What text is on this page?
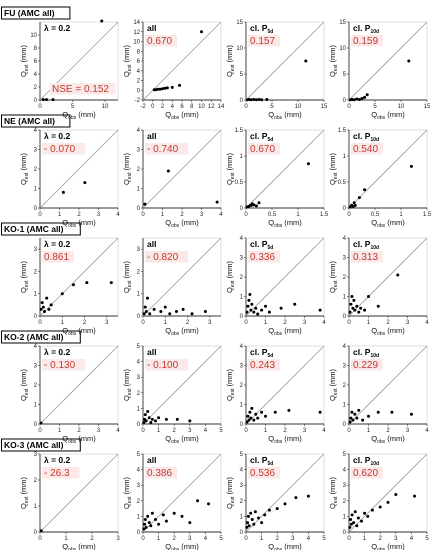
FU (AMC all)
0	5	10
0
2
4
6
8
10
$Q_{obs}$ (mm)
$Q_{est}$ (mm)
λ = 0.2
NSE = 0.152
-2 0 2 4 6 8 10 12 14
-2
0
2
4
6
8
10
12
14
$Q_{obs}$ (mm)
$Q_{est}$ (mm)
all
0.670
0	5	10	15
0
5
10
15
$Q_{obs}$ (mm)
$Q_{est}$ (mm)
cl. $P_{5d}$
0.157
0	5	10	15
0
5
10
15
$Q_{obs}$ (mm)
$Q_{est}$ (mm)
cl. $P_{10d}$
0.159
NE (AMC all)
0	1	2	3	4
0
1
2
3
4
$Q_{obs}$ (mm)
$Q_{est}$ (mm)
λ = 0.2
- 0.070
0	1	2	3	4
0
1
2
3
4
$Q_{obs}$ (mm)
$Q_{est}$ (mm)
all
- 0.740
0	0.5	1	1.5
0
0.5
1
1.5
$Q_{obs}$ (mm)
$Q_{est}$ (mm)
cl. $P_{5d}$
0.670
0	0.5	1	1.5
0
0.5
1
1.5
$Q_{obs}$ (mm)
$Q_{est}$ (mm)
cl. $P_{10d}$
0.540
KO-1 (AMC all)
0	1	2	3
0
1
2
3
$Q_{obs}$ (mm)
$Q_{est}$ (mm)
λ = 0.2
0.861
0	1	2	3
0
1
2
3
$Q_{obs}$ (mm)
$Q_{est}$ (mm)
all
- 0.820
0	1	2	3	4
0
1
2
3
4
$Q_{obs}$ (mm)
$Q_{est}$ (mm)
cl. $P_{5d}$
0.336
0	1	2	3	4
0
1
2
3
4
$Q_{obs}$ (mm)
$Q_{est}$ (mm)
cl. $P_{10d}$
0.313
KO-2 (AMC all)
0	1	2	3	4
0
1
2
3
4
$Q_{obs}$ (mm)
$Q_{est}$ (mm)
λ = 0.2
- 0.130
0 1 2 3 4 5
0
1
2
3
4
5
$Q_{obs}$ (mm)
$Q_{est}$ (mm)
all
- 0.100
0	1	2	3	4
0
1
2
3
4
$Q_{obs}$ (mm)
$Q_{est}$ (mm)
cl. $P_{5d}$
0.243
0	1	2	3	4
0
1
2
3
4
$Q_{obs}$ (mm)
$Q_{est}$ (mm)
cl. $P_{10d}$
0.229
KO-3 (AMC all)
0	1	2	3
0
1
2
3
$Q_{obs}$ (mm)
$Q_{est}$ (mm)
λ = 0.2
- 26.3
0 1 2 3 4 5
0
1
2
3
4
5
$Q_{obs}$ (mm)
$Q_{est}$ (mm)
all
0.386
0 1 2 3 4 5
0
1
2
3
4
5
$Q_{obs}$ (mm)
$Q_{est}$ (mm)
cl. $P_{5d}$
0.536
0 1 2 3 4 5
0
1
2
3
4
5
$Q_{obs}$ (mm)
$Q_{est}$ (mm)
cl. $P_{10d}$
0.620
